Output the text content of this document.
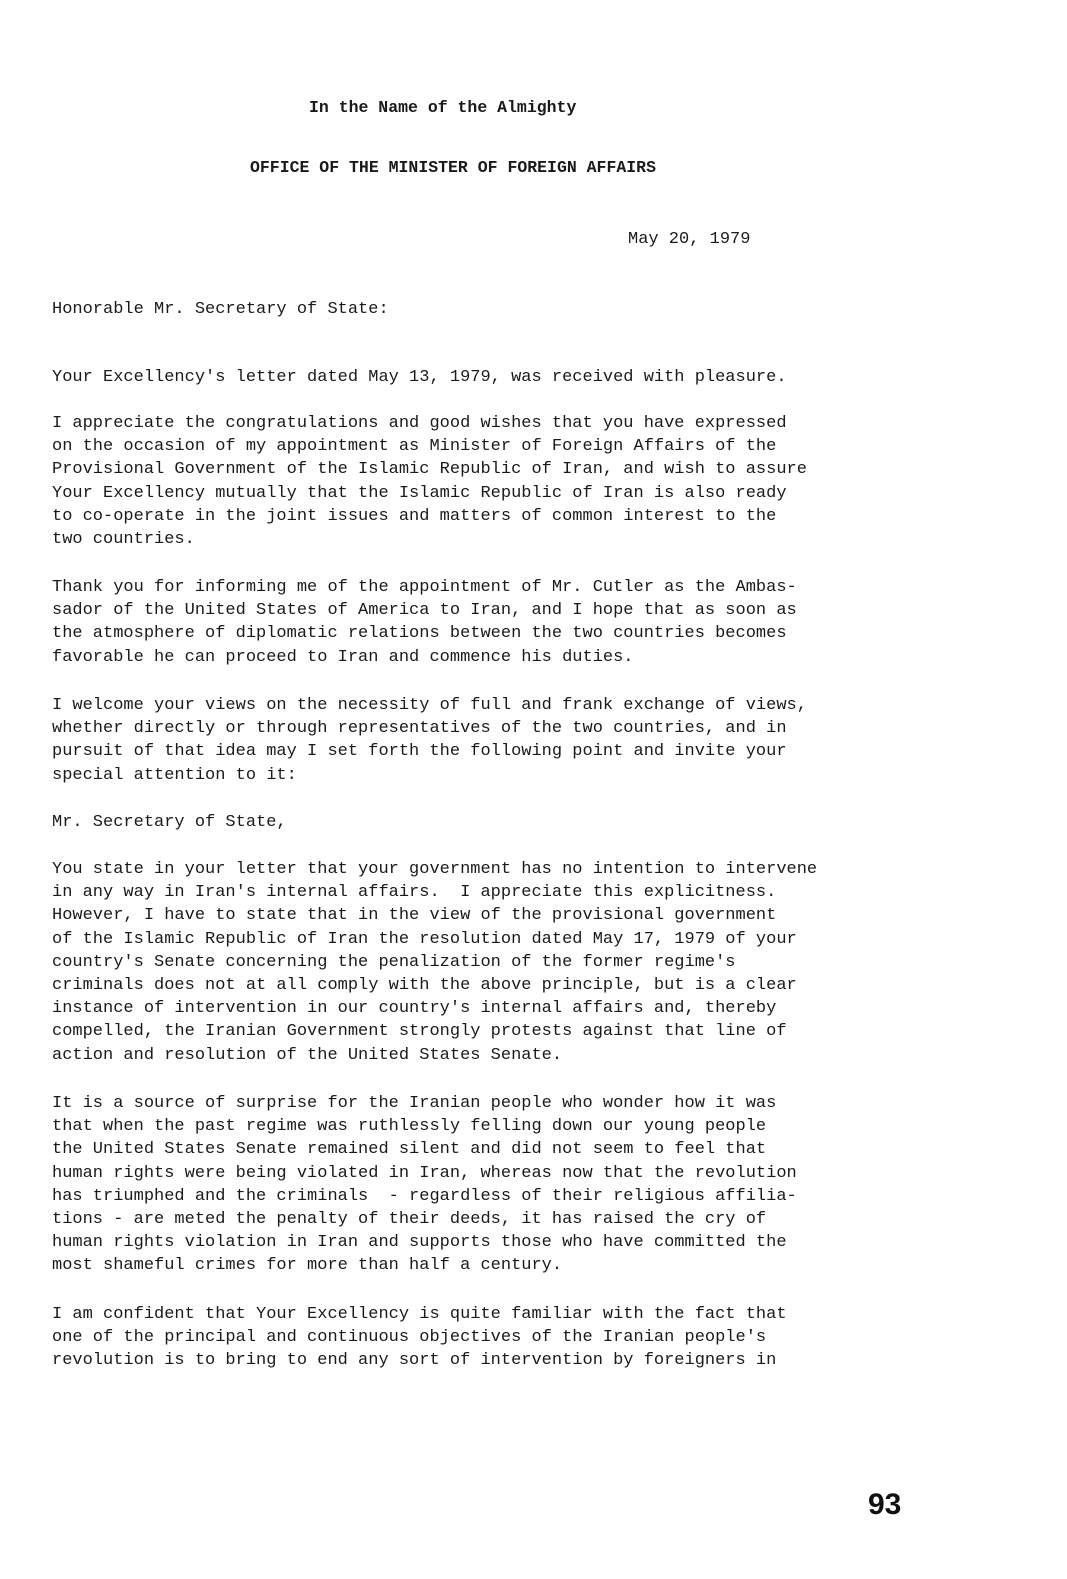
In the Name of the Almighty
OFFICE OF THE MINISTER OF FOREIGN AFFAIRS
May 20, 1979
Honorable Mr. Secretary of State:
Your Excellency's letter dated May 13, 1979, was received with pleasure.
I appreciate the congratulations and good wishes that you have expressed
on the occasion of my appointment as Minister of Foreign Affairs of the
Provisional Government of the Islamic Republic of Iran, and wish to assure
Your Excellency mutually that the Islamic Republic of Iran is also ready
to co-operate in the joint issues and matters of common interest to the
two countries.
Thank you for informing me of the appointment of Mr. Cutler as the Ambas-
sador of the United States of America to Iran, and I hope that as soon as
the atmosphere of diplomatic relations between the two countries becomes
favorable he can proceed to Iran and commence his duties.
I welcome your views on the necessity of full and frank exchange of views,
whether directly or through representatives of the two countries, and in
pursuit of that idea may I set forth the following point and invite your
special attention to it:
Mr. Secretary of State,
You state in your letter that your government has no intention to intervene
in any way in Iran's internal affairs.  I appreciate this explicitness.
However, I have to state that in the view of the provisional government
of the Islamic Republic of Iran the resolution dated May 17, 1979 of your
country's Senate concerning the penalization of the former regime's
criminals does not at all comply with the above principle, but is a clear
instance of intervention in our country's internal affairs and, thereby
compelled, the Iranian Government strongly protests against that line of
action and resolution of the United States Senate.
It is a source of surprise for the Iranian people who wonder how it was
that when the past regime was ruthlessly felling down our young people
the United States Senate remained silent and did not seem to feel that
human rights were being violated in Iran, whereas now that the revolution
has triumphed and the criminals  - regardless of their religious affilia-
tions - are meted the penalty of their deeds, it has raised the cry of
human rights violation in Iran and supports those who have committed the
most shameful crimes for more than half a century.
I am confident that Your Excellency is quite familiar with the fact that
one of the principal and continuous objectives of the Iranian people's
revolution is to bring to end any sort of intervention by foreigners in
93
